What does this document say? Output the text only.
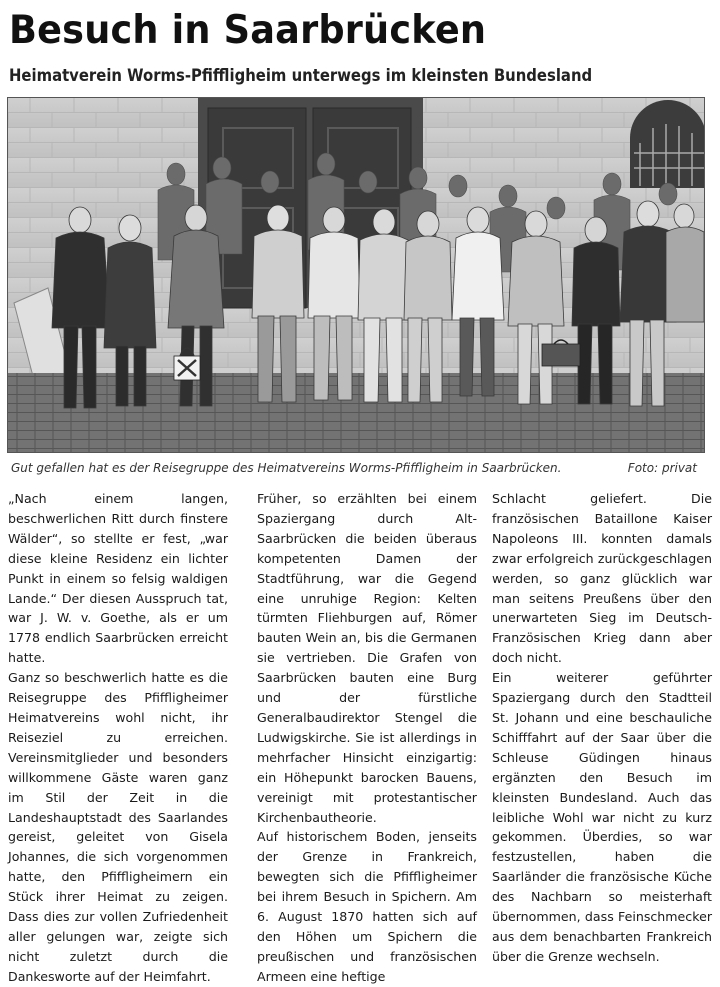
Besuch in Saarbrücken
Heimatverein Worms-Pfiffligheim unterwegs im kleinsten Bundesland
Gut gefallen hat es der Reisegruppe des Heimatvereins Worms-Pfiffligheim in Saarbrücken.	Foto: privat

„Nach einem langen, beschwerlichen Ritt durch finstere Wälder“, so stellte er fest, „war diese kleine Residenz ein lichter Punkt in einem so felsig waldigen Lande.“ Der diesen Ausspruch tat, war J. W. v. Goethe, als er um 1778 endlich Saarbrücken erreicht hatte.

Ganz so beschwerlich hatte es die Reisegruppe des Pfiffligheimer Heimatvereins wohl nicht, ihr Reiseziel zu erreichen. Vereinsmitglieder und besonders willkommene Gäste waren ganz im Stil der Zeit in die Landeshauptstadt des Saarlandes gereist, geleitet von Gisela Johannes, die sich vorgenommen hatte, den Pfiffligheimern ein Stück ihrer Heimat zu zeigen. Dass dies zur vollen Zufriedenheit aller gelungen war, zeigte sich nicht zuletzt durch die Dankesworte auf der Heimfahrt.

Früher, so erzählten bei einem Spaziergang durch Alt-Saarbrücken die beiden überaus kompetenten Damen der Stadtführung, war die Gegend eine unruhige Region: Kelten türmten Fliehburgen auf, Römer bauten Wein an, bis die Germanen sie vertrieben. Die Grafen von Saarbrücken bauten eine Burg und der fürstliche Generalbaudirektor Stengel die Ludwigskirche. Sie ist allerdings in mehrfacher Hinsicht einzigartig: ein Höhepunkt barocken Bauens, vereinigt mit protestantischer Kirchenbautheorie.

Auf historischem Boden, jenseits der Grenze in Frankreich, bewegten sich die Pfiffligheimer bei ihrem Besuch in Spichern. Am 6. August 1870 hatten sich auf den Höhen um Spichern die preußischen und französischen Armeen eine heftige

Schlacht geliefert. Die französischen Bataillone Kaiser Napoleons III. konnten damals zwar erfolgreich zurückgeschlagen werden, so ganz glücklich war man seitens Preußens über den unerwarteten Sieg im Deutsch-Französischen Krieg dann aber doch nicht.

Ein weiterer geführter Spaziergang durch den Stadtteil St. Johann und eine beschauliche Schifffahrt auf der Saar über die Schleuse Güdingen hinaus ergänzten den Besuch im kleinsten Bundesland. Auch das leibliche Wohl war nicht zu kurz gekommen. Überdies, so war festzustellen, haben die Saarländer die französische Küche des Nachbarn so meisterhaft übernommen, dass Feinschmecker aus dem benachbarten Frankreich über die Grenze wechseln.
